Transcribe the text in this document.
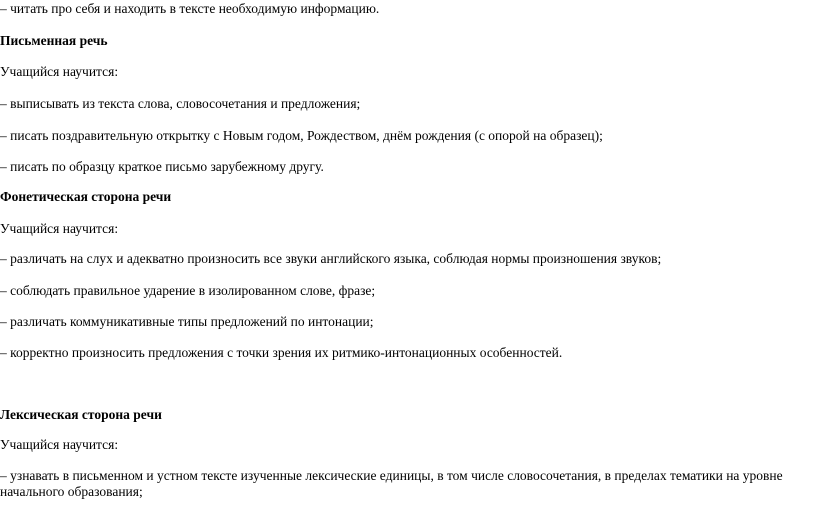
– читать про себя и находить в тексте необходимую информацию.
Письменная речь
Учащийся научится:
– выписывать из текста слова, словосочетания и предложения;
– писать поздравительную открытку с Новым годом, Рождеством, днём рождения (с опорой на образец);
– писать по образцу краткое письмо зарубежному другу.
Фонетическая сторона речи
Учащийся научится:
– различать на слух и адекватно произносить все звуки английского языка, соблюдая нормы произношения звуков;
– соблюдать правильное ударение в изолированном слове, фразе;
– различать коммуникативные типы предложений по интонации;
– корректно произносить предложения с точки зрения их ритмико-интонационных особенностей.
Лексическая сторона речи
Учащийся научится:
– узнавать в письменном и устном тексте изученные лексические единицы, в том числе словосочетания, в пределах тематики на уровне начального образования;
